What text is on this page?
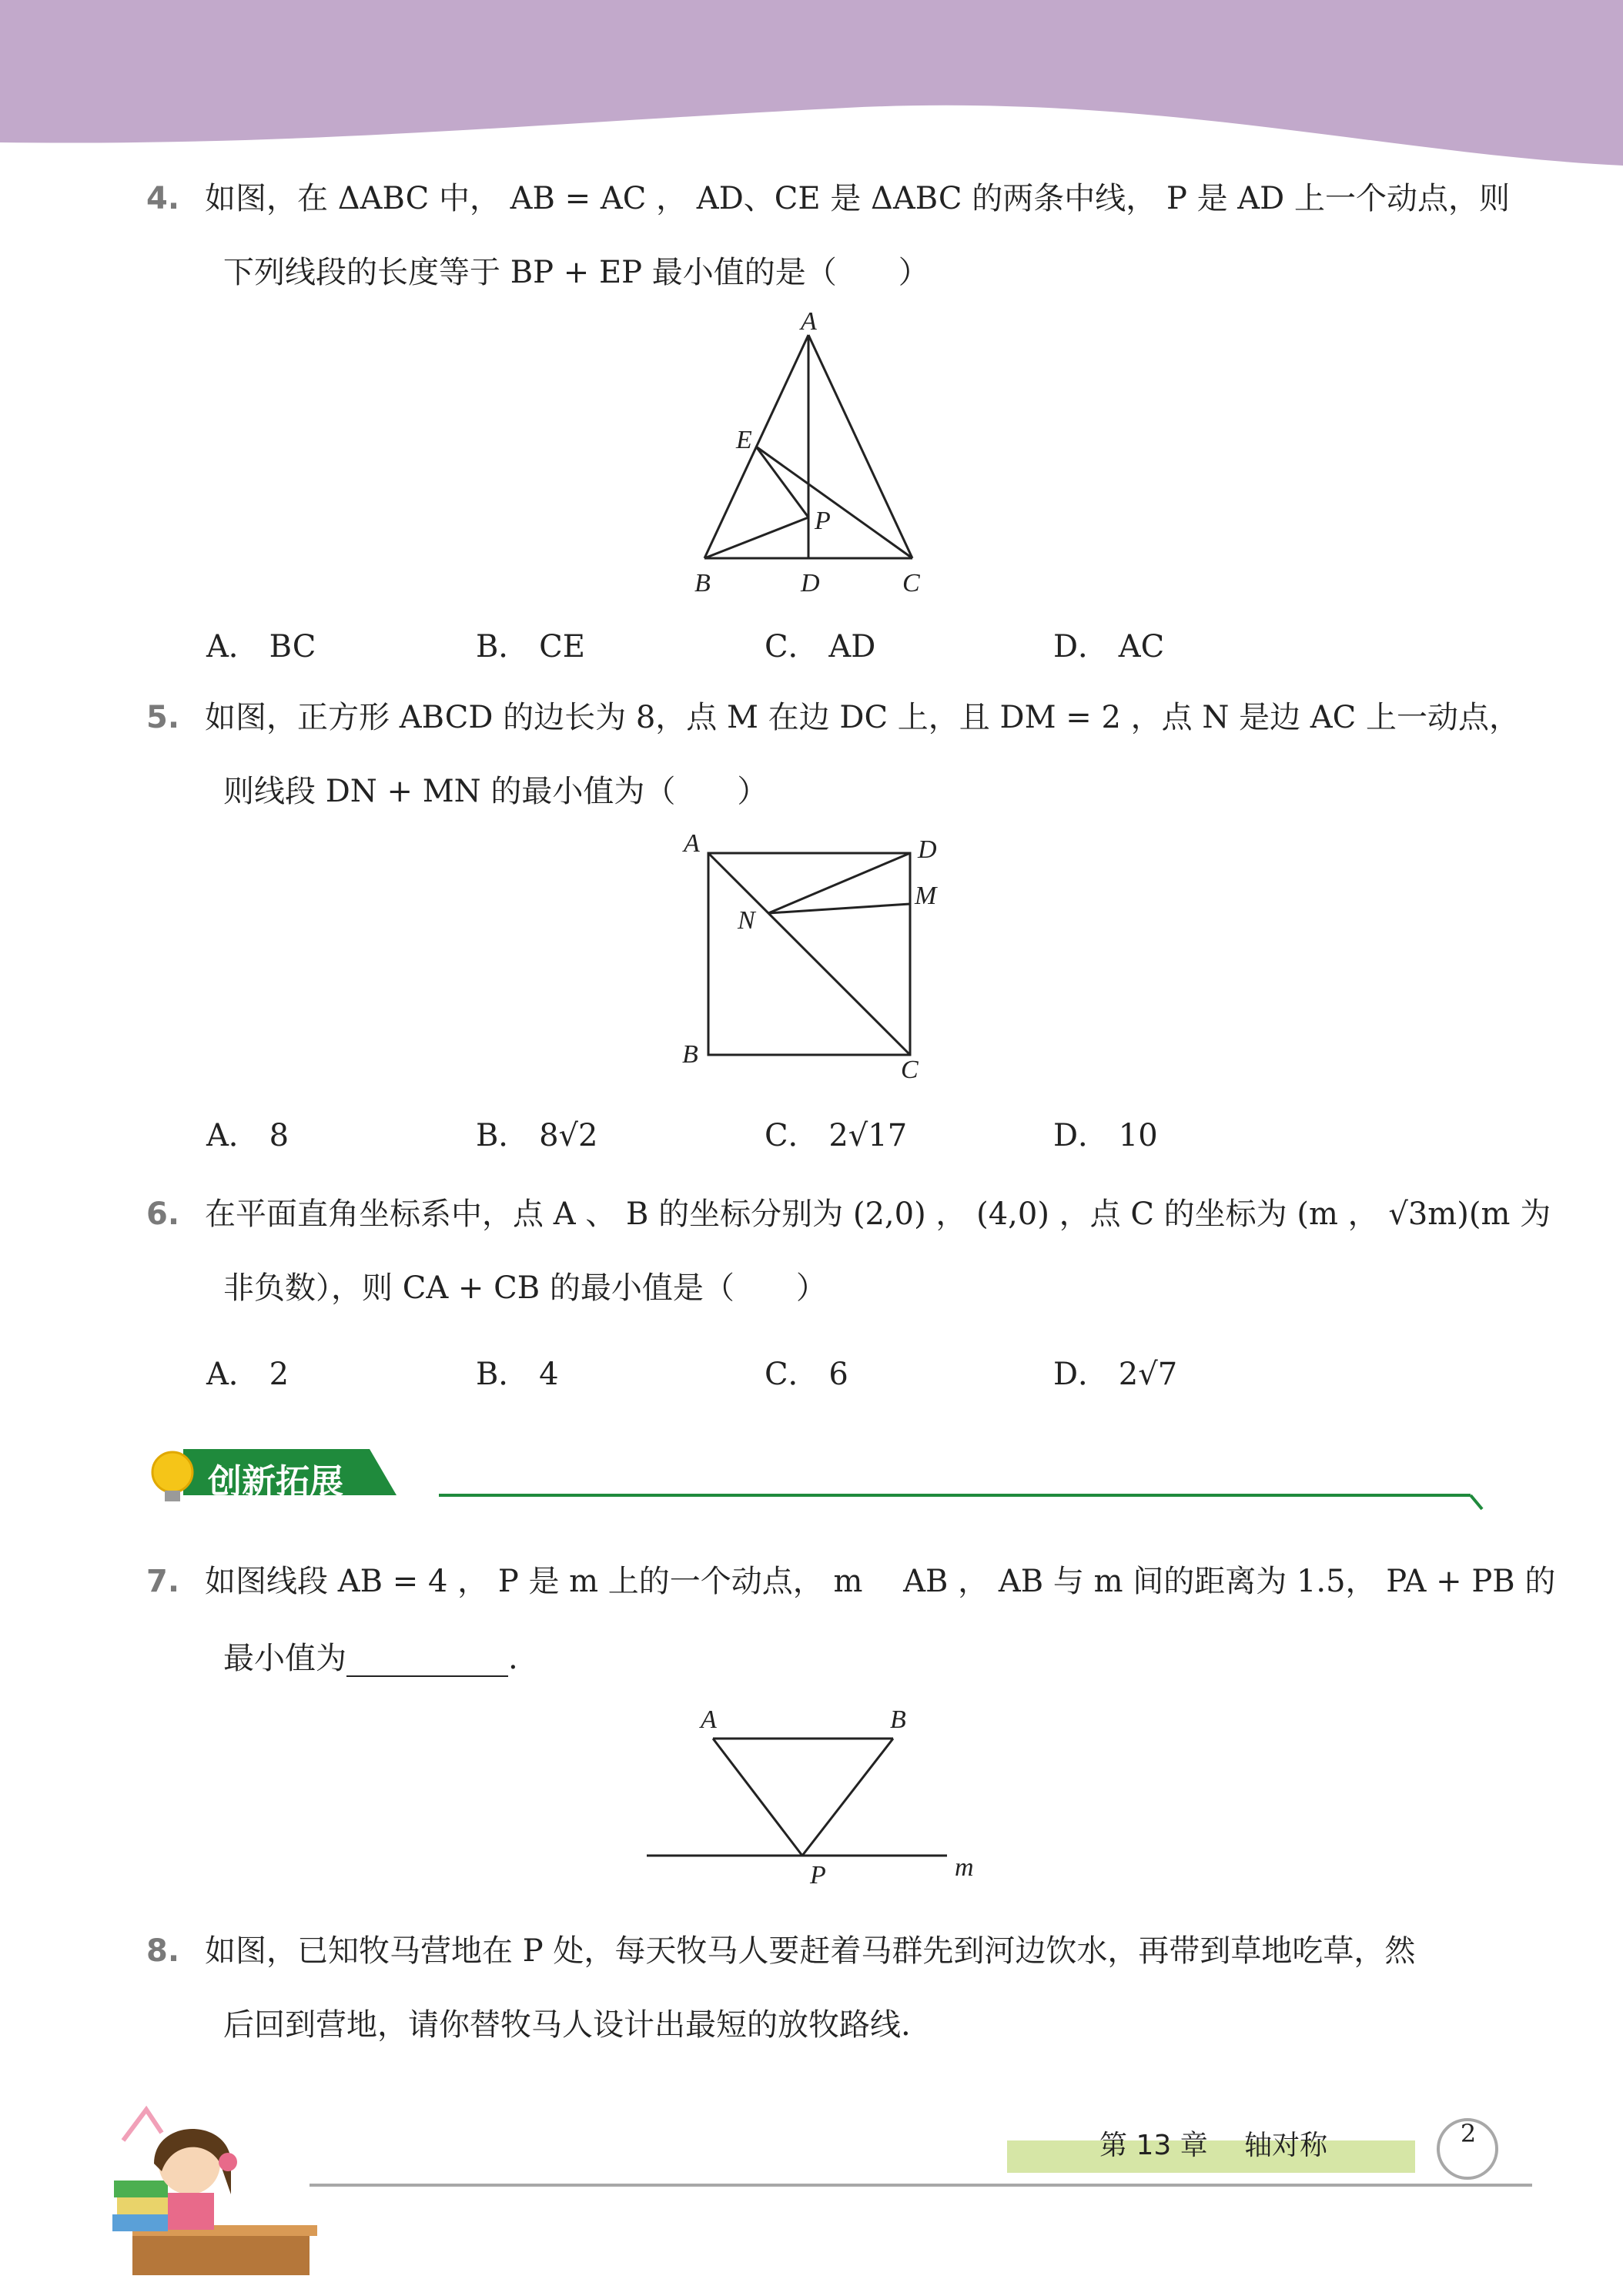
4. 如图，在 ΔABC 中， AB = AC ， AD、CE 是 ΔABC 的两条中线， P 是 AD 上一个动点，则
下列线段的长度等于 BP + EP 最小值的是（　　）
A
E
P
B	D	C
A． BC	B． CE	C． AD	D． AC
5. 如图，正方形 ABCD 的边长为 8，点 M 在边 DC 上，且 DM = 2 ，点 N 是边 AC 上一动点，
则线段 DN + MN 的最小值为（　　）
A	D
M
N
B
C
A． 8	B． 8√2	C． 2√17	D． 10
6. 在平面直角坐标系中，点 A 、 B 的坐标分别为 (2,0) ， (4,0) ，点 C 的坐标为 (m ， √3m)(m 为
非负数），则 CA + CB 的最小值是（　　）
A． 2	B． 4	C． 6	D． 2√7
创新拓展
7. 如图线段 AB = 4 ， P 是 m 上的一个动点， m　 AB ， AB 与 m 间的距离为 1.5， PA + PB 的
最小值为	.
A	B
P	m
8. 如图，已知牧马营地在 P 处，每天牧马人要赶着马群先到河边饮水，再带到草地吃草，然
后回到营地，请你替牧马人设计出最短的放牧路线.
第 13 章　 轴对称	2
